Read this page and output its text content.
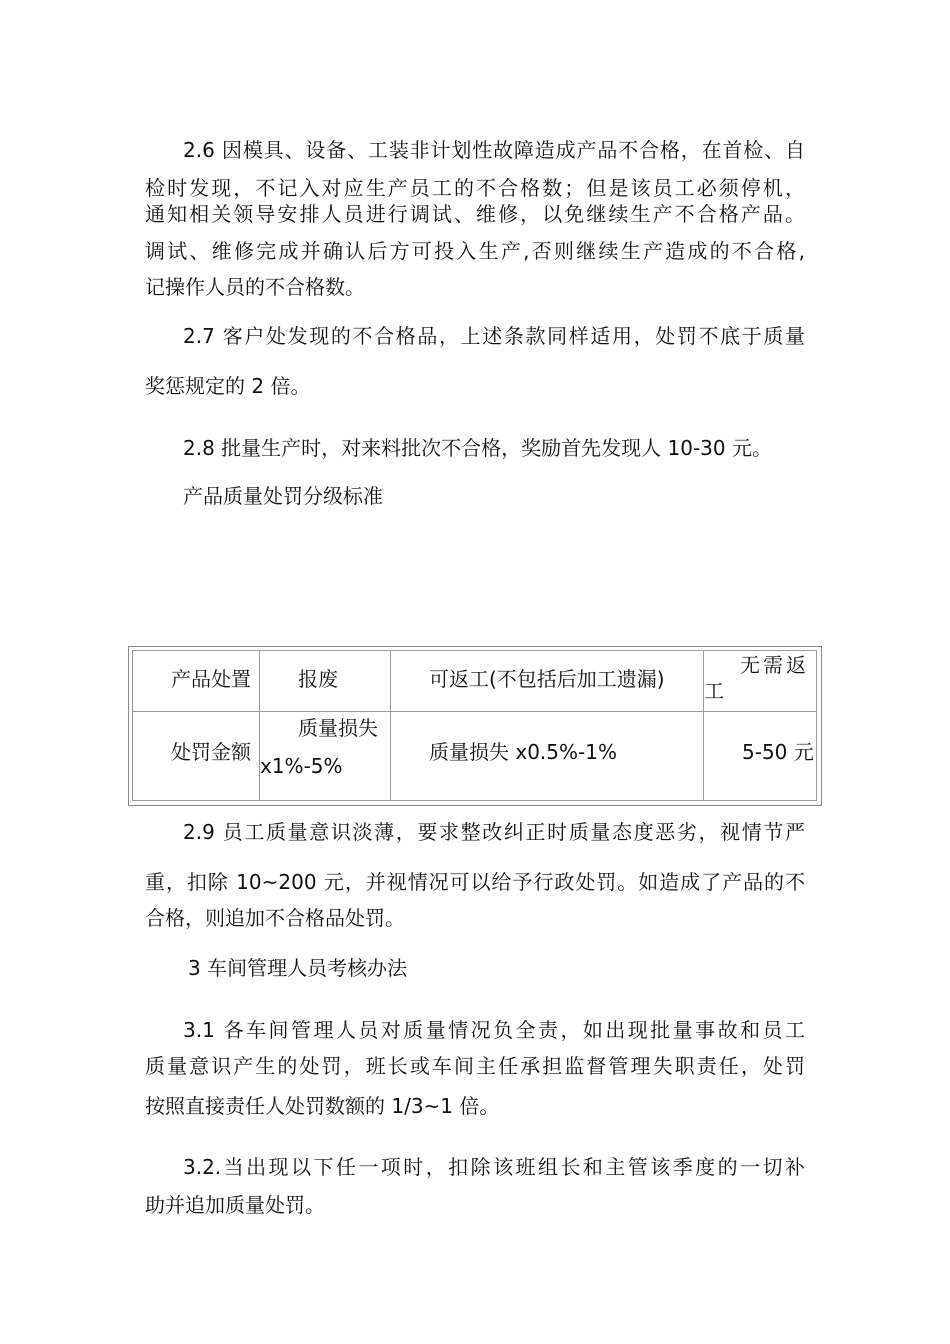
2.6 因模具、设备、工装非计划性故障造成产品不合格，在首检、自

检时发现，不记入对应生产员工的不合格数；但是该员工必须停机，

通知相关领导安排人员进行调试、维修，以免继续生产不合格产品。

调试、维修完成并确认后方可投入生产,否则继续生产造成的不合格,

记操作人员的不合格数。

2.7 客户处发现的不合格品，上述条款同样适用，处罚不底于质量

奖惩规定的 2 倍。

2.8 批量生产时，对来料批次不合格，奖励首先发现人 10-30 元。

产品质量处罚分级标准

产品处置 报废	可返工(不包括后加工遗漏)

无需返

工

处罚金额

质量损失

x1%-5%

质量损失 x0.5%-1%	5-50 元

2.9 员工质量意识淡薄，要求整改纠正时质量态度恶劣，视情节严

重，扣除 10~200 元，并视情况可以给予行政处罚。如造成了产品的不

合格，则追加不合格品处罚。

3 车间管理人员考核办法

3.1 各车间管理人员对质量情况负全责，如出现批量事故和员工

质量意识产生的处罚，班长或车间主任承担监督管理失职责任，处罚

按照直接责任人处罚数额的 1/3~1 倍。

3.2.当出现以下任一项时，扣除该班组长和主管该季度的一切补

助并追加质量处罚。
